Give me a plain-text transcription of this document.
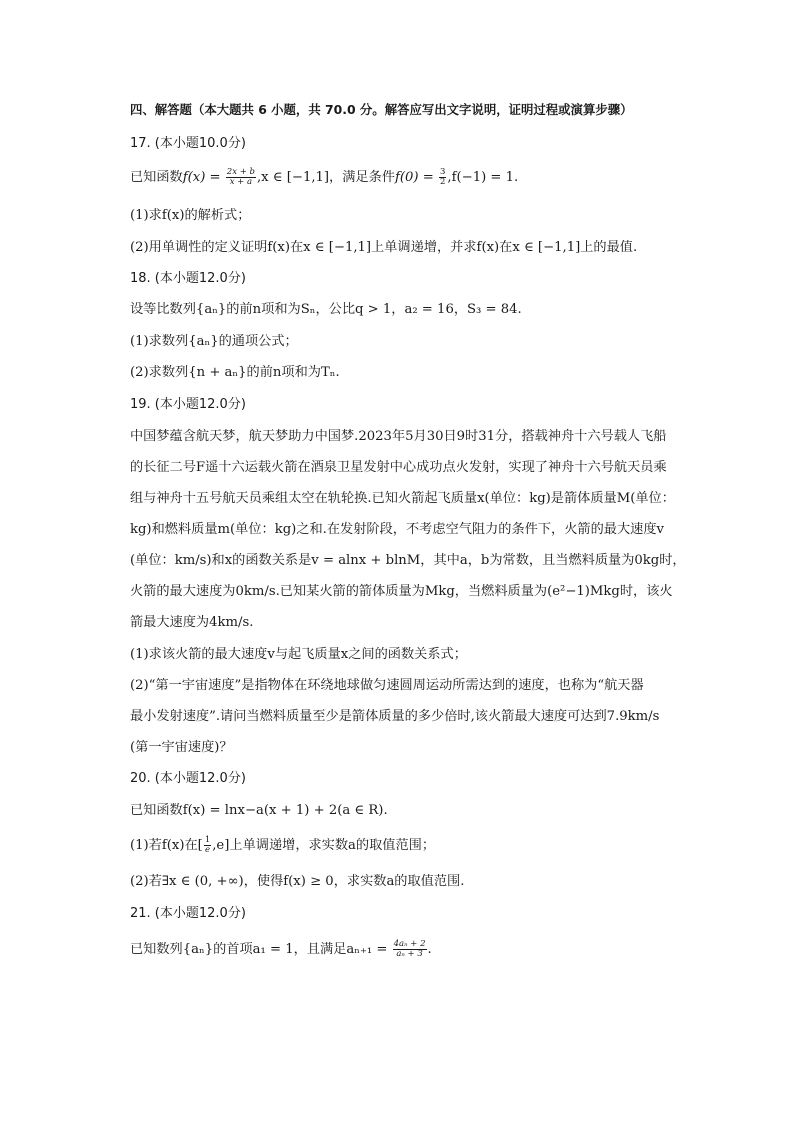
四、解答题（本大题共 6 小题，共 70.0 分。解答应写出文字说明，证明过程或演算步骤）
17. (本小题10.0分)
已知函数$f(x) = \frac{2x + b}{x + a} ,x$ ∈ [−1,1]，满足条件$f(0) = \frac{3}{2} ,f(-1) = 1$.
(1)求f(x)的解析式；
(2)用单调性的定义证明f(x)在x ∈ [−1,1]上单调递增，并求f(x)在x ∈ [−1,1]上的最值.
18. (本小题12.0分)
设等比数列{aₙ}的前n项和为Sₙ，公比q > 1，a₂ = 16，S₃ = 84.
(1)求数列{aₙ}的通项公式；
(2)求数列{n + aₙ}的前n项和为Tₙ.
19. (本小题12.0分)
中国梦蕴含航天梦，航天梦助力中国梦.2023年5月30日9时31分，搭载神舟十六号载人飞船
的长征二号F遥十六运载火箭在酒泉卫星发射中心成功点火发射，实现了神舟十六号航天员乘
组与神舟十五号航天员乘组太空在轨轮换.已知火箭起飞质量x(单位：kg)是箭体质量M(单位：
kg)和燃料质量m(单位：kg)之和.在发射阶段，不考虑空气阻力的条件下，火箭的最大速度v
(单位：km/s)和x的函数关系是v = alnx + blnM，其中a，b为常数，且当燃料质量为0kg时，
火箭的最大速度为0km/s.已知某火箭的箭体质量为Mkg，当燃料质量为(e²−1)Mkg时，该火
箭最大速度为4km/s.
(1)求该火箭的最大速度v与起飞质量x之间的函数关系式；
(2)“第一宇宙速度”是指物体在环绕地球做匀速圆周运动所需达到的速度，也称为“航天器
最小发射速度”.请问当燃料质量至少是箭体质量的多少倍时,该火箭最大速度可达到7.9km/s
(第一宇宙速度)？
20. (本小题12.0分)
已知函数f(x) = lnx−a(x + 1) + 2(a ∈ R).
(1)若f(x)在[ $\frac{1}{e} ,e$]上单调递增，求实数a的取值范围；
(2)若∃x ∈ (0, +∞)，使得f(x) ≥ 0，求实数a的取值范围.
21. (本小题12.0分)
已知数列{aₙ}的首项a₁ = 1，且满足$a_{n+1} = \frac{\text{4aₙ + 2}}{\text{aₙ + 3}}$ .
